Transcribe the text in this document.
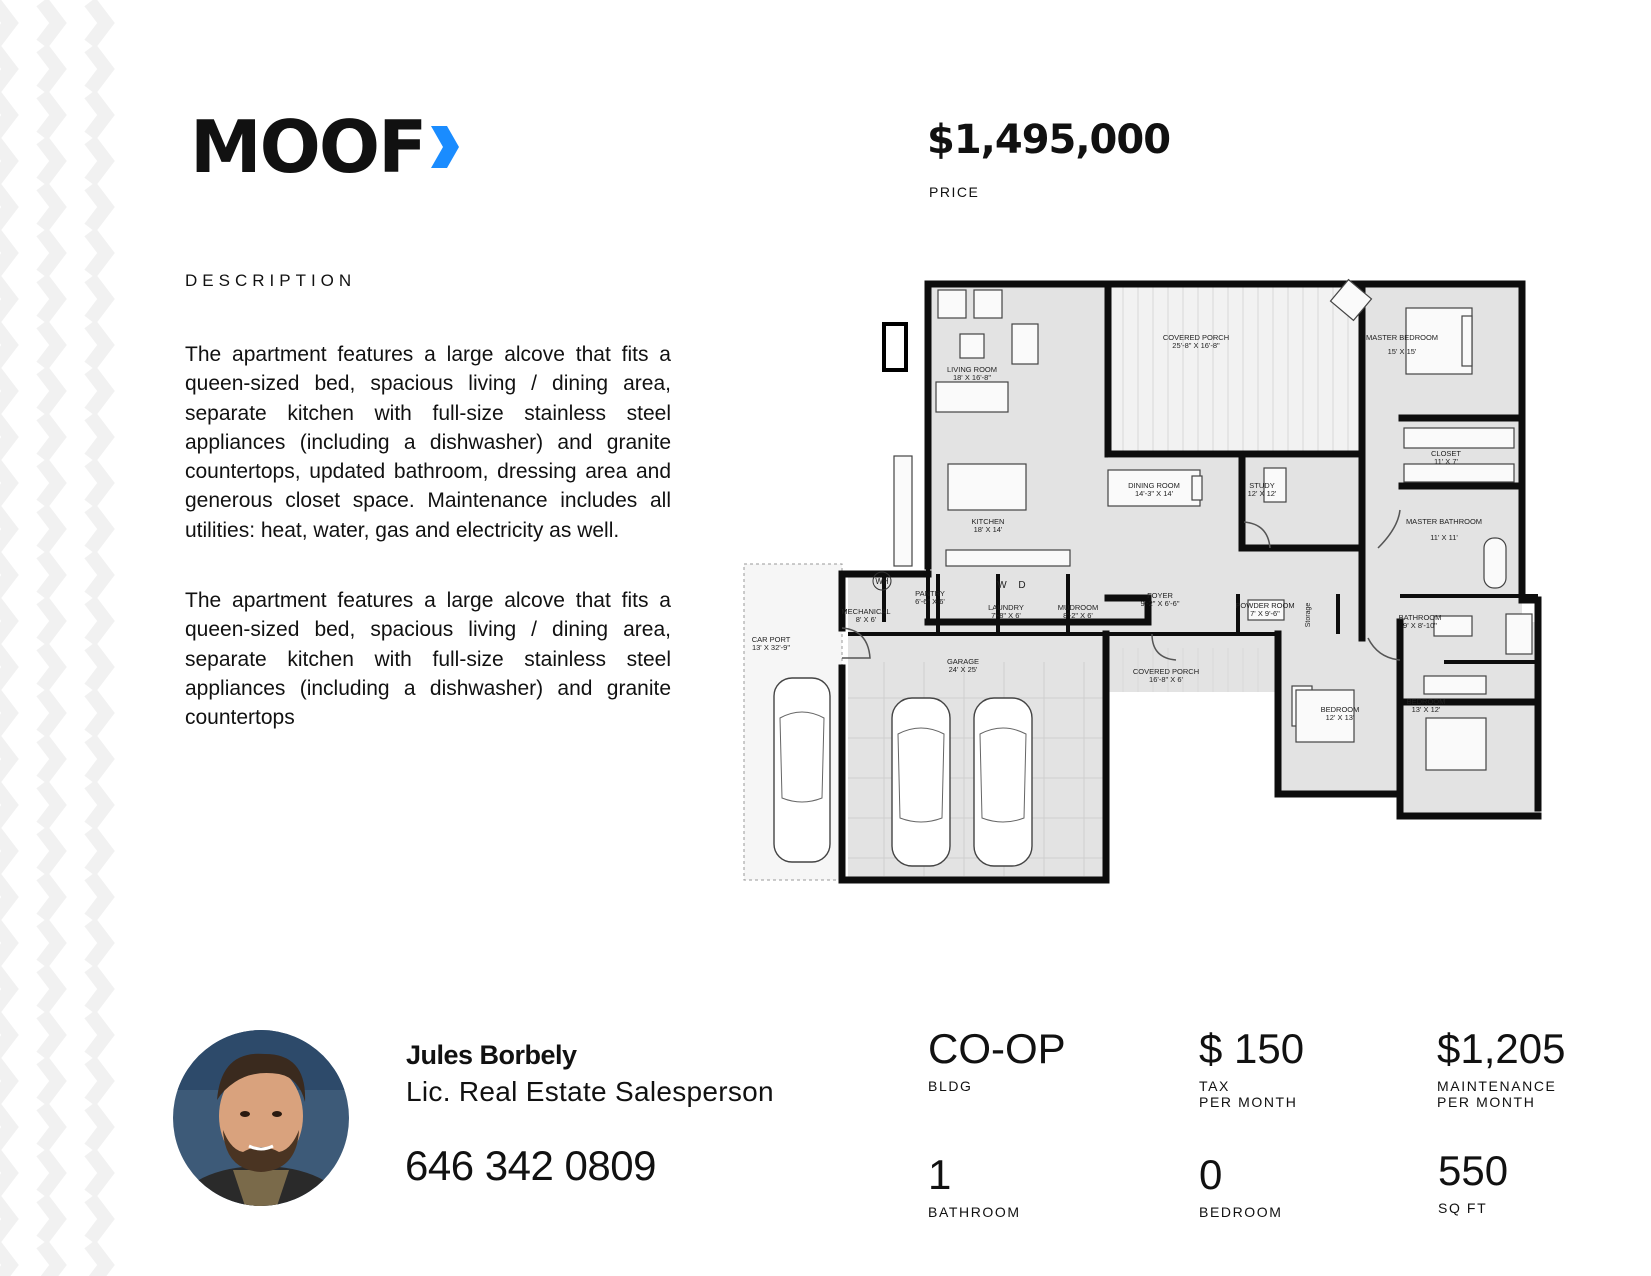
MOOF	$1,495,000
PRICE
DESCRIPTION

The apartment features a large alcove that fits a queen-sized bed, spacious living / dining area, separate kitchen with full-size stainless steel appliances (including a dishwasher) and granite countertops, updated bathroom, dressing area and generous closet space. Maintenance includes all utilities: heat, water, gas and electricity as well.

The apartment features a large alcove that fits a queen-sized bed, spacious living / dining area, separate kitchen with full-size stainless steel appliances (including a dishwasher) and granite countertops

LIVING ROOM
18' X 16'-8"
COVERED PORCH
25'-8" X 16'-8"
MASTER BEDROOM
15' X 15'
CLOSET
11' X 7'
DINING ROOM
14'-3" X 14'
STUDY
12' X 12'
KITCHEN
18' X 14'
MASTER BATHROOM
11' X 11'
PANTRY
6'-6" X 6'
MECHANICAL
8' X 6'
LAUNDRY
7'-8" X 6'
MUDROOM
8'-2" X 6'
FOYER
9'-2" X 6'-6"	POWDER ROOM
7' X 9'-6"	BATHROOM
9' X 8'-10"
CAR PORT
13' X 32'-9"
GARAGE
24' X 25'	COVERED PORCH
16'-8" X 6'
BEDROOM
12' X 13'
BEDROOM
13' X 12'
WH	W D
Storage
Jules Borbely
Lic. Real Estate Salesperson
646 342 0809
CO-OP
BLDG
$ 150
TAX
PER MONTH
$1,205
MAINTENANCE
PER MONTH
1
BATHROOM
0
BEDROOM
550
SQ FT
